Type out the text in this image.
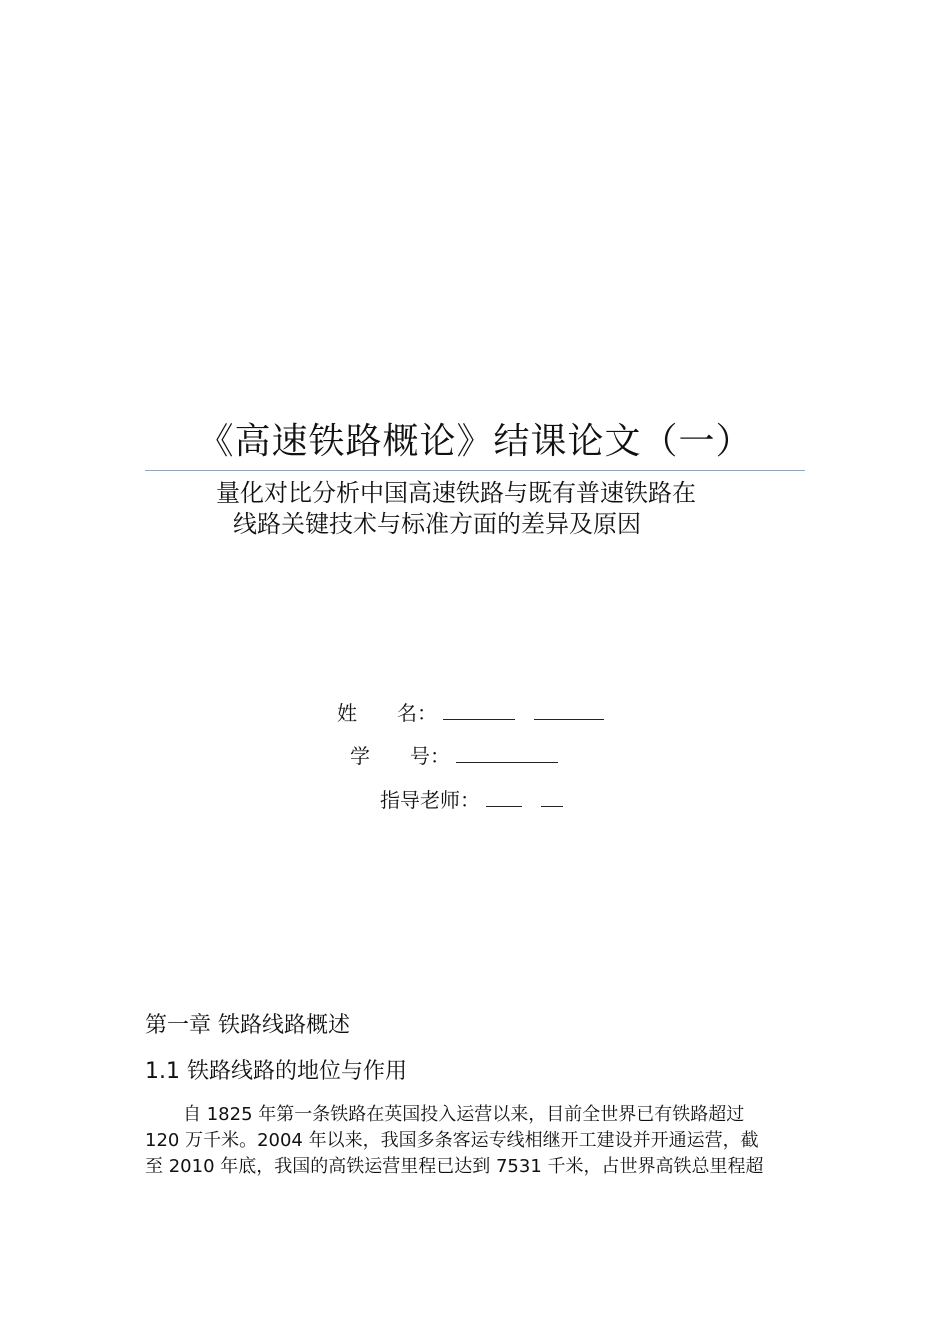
《高速铁路概论》结课论文（一）
量化对比分析中国高速铁路与既有普速铁路在
线路关键技术与标准方面的差异及原因
姓　　名：
学　　号：
指导老师：
第一章 铁路线路概述
1.1 铁路线路的地位与作用
自 1825 年第一条铁路在英国投入运营以来，目前全世界已有铁路超过
120 万千米。2004 年以来，我国多条客运专线相继开工建设并开通运营，截
至 2010 年底，我国的高铁运营里程已达到 7531 千米，占世界高铁总里程超
